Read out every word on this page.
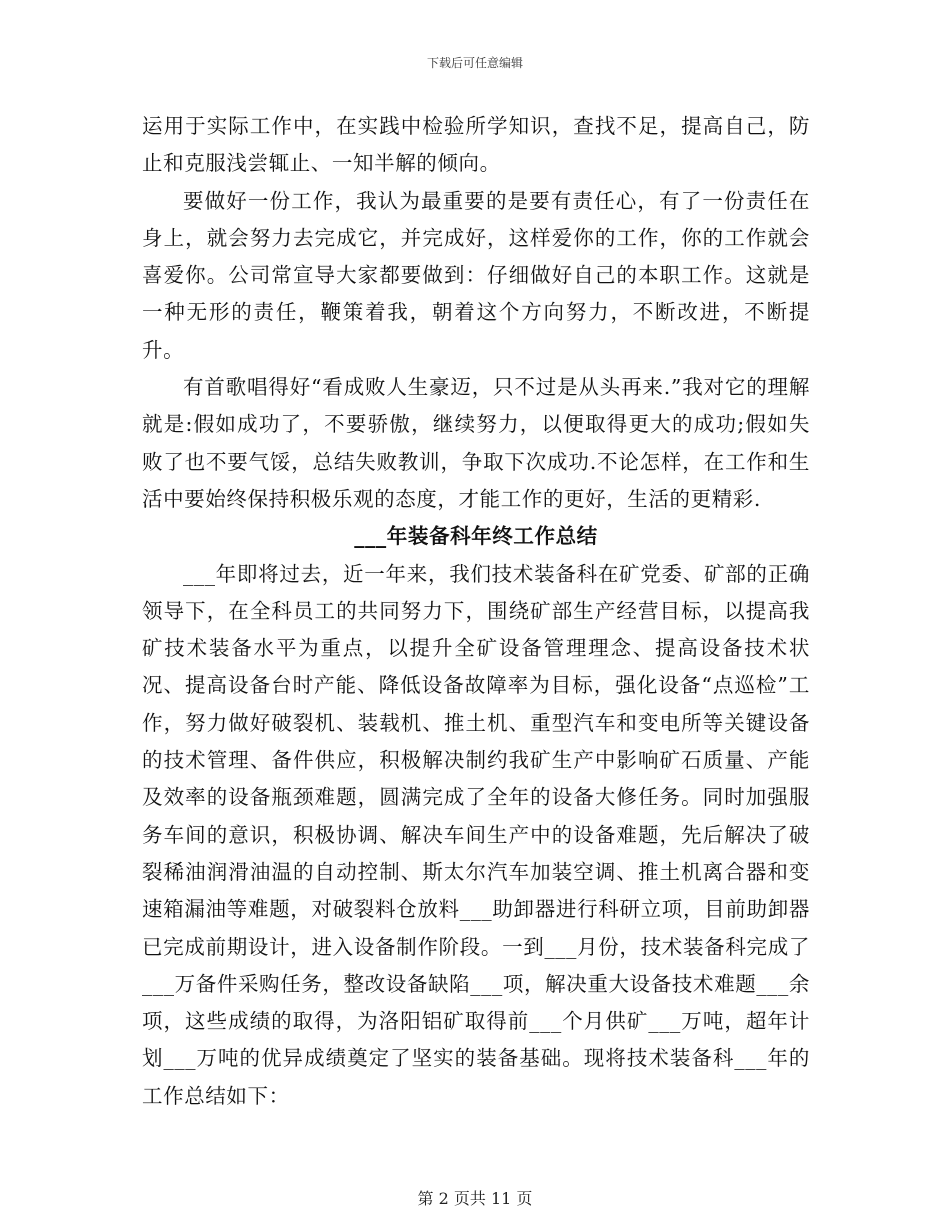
下载后可任意编辑

运用于实际工作中，在实践中检验所学知识，查找不足，提高自己，防止和克服浅尝辄止、一知半解的倾向。

要做好一份工作，我认为最重要的是要有责任心，有了一份责任在身上，就会努力去完成它，并完成好，这样爱你的工作，你的工作就会喜爱你。公司常宣导大家都要做到：仔细做好自己的本职工作。这就是一种无形的责任，鞭策着我，朝着这个方向努力，不断改进，不断提升。

有首歌唱得好“看成败人生豪迈，只不过是从头再来.”我对它的理解就是:假如成功了，不要骄傲，继续努力，以便取得更大的成功;假如失败了也不要气馁，总结失败教训，争取下次成功.不论怎样，在工作和生活中要始终保持积极乐观的态度，才能工作的更好，生活的更精彩.

___年装备科年终工作总结

___年即将过去，近一年来，我们技术装备科在矿党委、矿部的正确领导下，在全科员工的共同努力下，围绕矿部生产经营目标，以提高我矿技术装备水平为重点，以提升全矿设备管理理念、提高设备技术状况、提高设备台时产能、降低设备故障率为目标，强化设备“点巡检”工作，努力做好破裂机、装载机、推土机、重型汽车和变电所等关键设备的技术管理、备件供应，积极解决制约我矿生产中影响矿石质量、产能及效率的设备瓶颈难题，圆满完成了全年的设备大修任务。同时加强服务车间的意识，积极协调、解决车间生产中的设备难题，先后解决了破裂稀油润滑油温的自动控制、斯太尔汽车加装空调、推土机离合器和变速箱漏油等难题，对破裂料仓放料___助卸器进行科研立项，目前助卸器已完成前期设计，进入设备制作阶段。一到___月份，技术装备科完成了___万备件采购任务，整改设备缺陷___项，解决重大设备技术难题___余项，这些成绩的取得，为洛阳铝矿取得前___个月供矿___万吨，超年计划___万吨的优异成绩奠定了坚实的装备基础。现将技术装备科___年的工作总结如下：

第 2 页共 11 页
